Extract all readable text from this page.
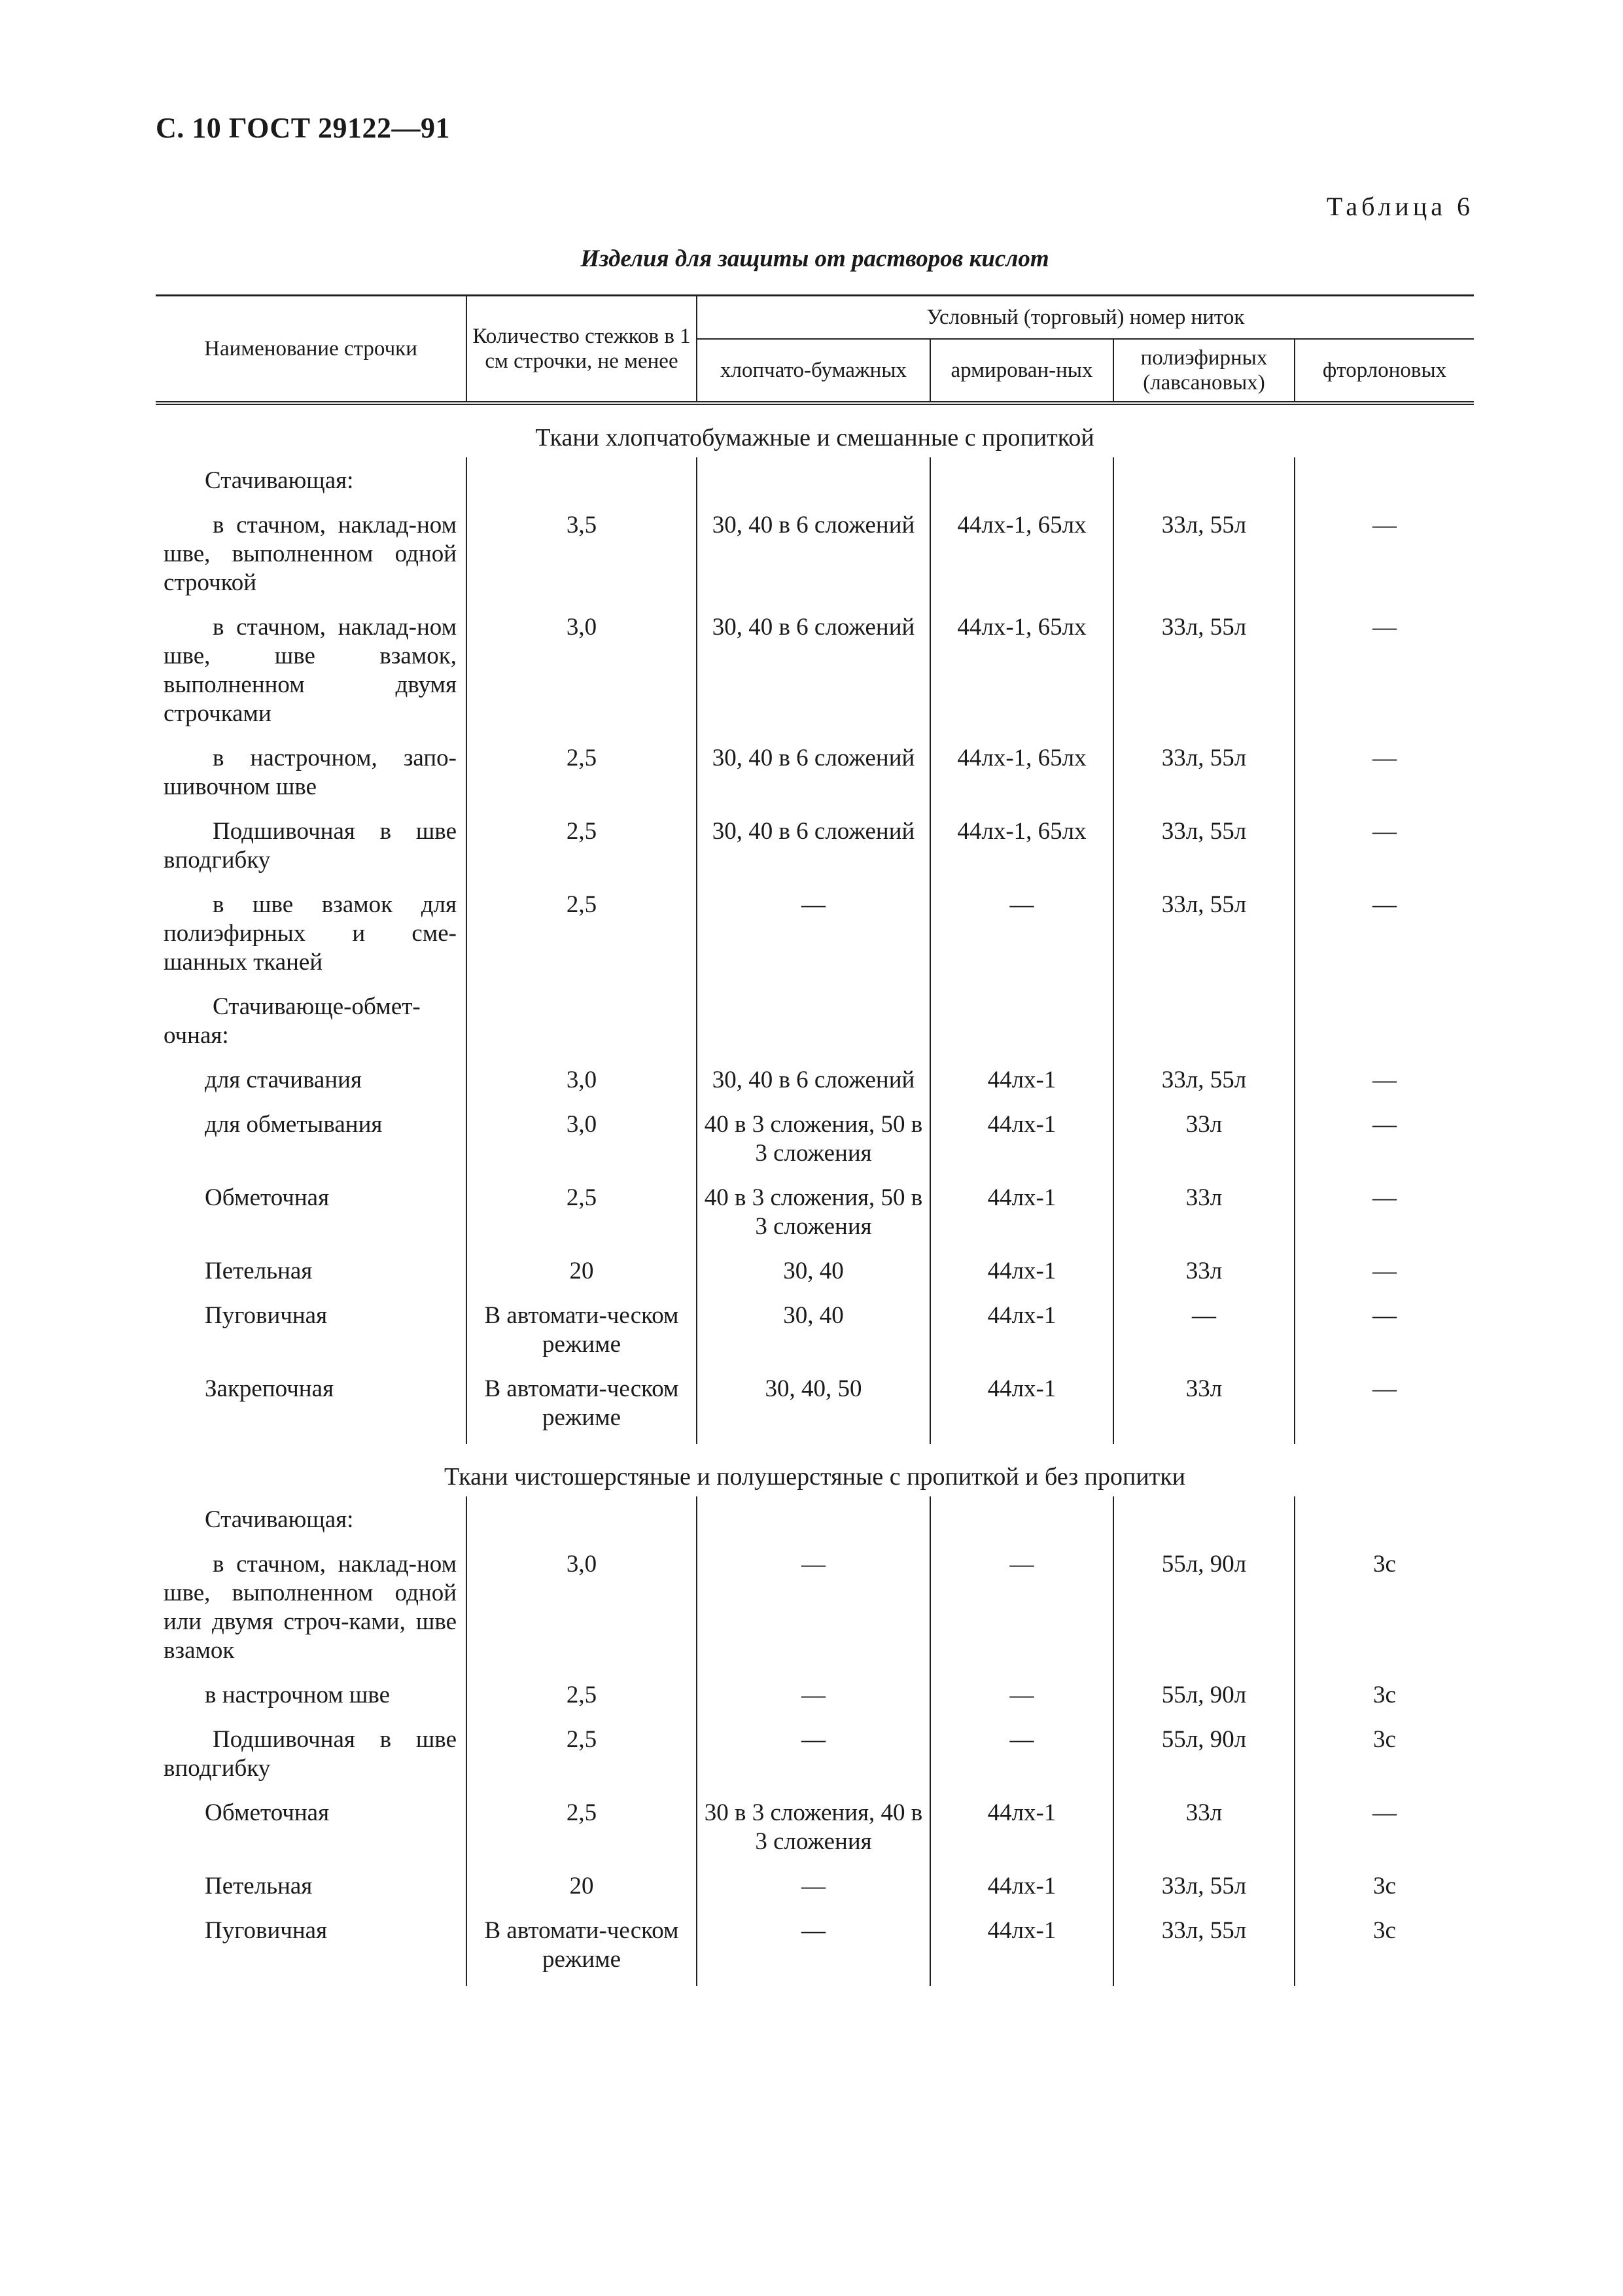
С. 10 ГОСТ 29122—91
Таблица 6
Изделия для защиты от растворов кислот
Наименование строчки	Количество стежков в 1 см строчки, не менее	Условный (торговый) номер ниток			
		хлопчато-бумажных	армирован-ных	полиэфирных (лавсановых)	фторлоновых
Ткани хлопчатобумажные и смешанные с пропиткой					
Стачивающая:					
в стачном, наклад-ном шве, выполненном одной строчкой	3,5	30, 40 в 6 сложений	44лх-1, 65лх	33л, 55л	—
в стачном, наклад-ном шве, шве взамок, выполненном двумя строчками	3,0	30, 40 в 6 сложений	44лх-1, 65лх	33л, 55л	—
в настрочном, запо-шивочном шве	2,5	30, 40 в 6 сложений	44лх-1, 65лх	33л, 55л	—
Подшивочная в шве вподгибку	2,5	30, 40 в 6 сложений	44лх-1, 65лх	33л, 55л	—
в шве взамок для полиэфирных и сме-шанных тканей	2,5	—	—	33л, 55л	—
Стачивающе-обмет-очная:					
для стачивания	3,0	30, 40 в 6 сложений	44лх-1	33л, 55л	—
для обметывания	3,0	40 в 3 сложения, 50 в 3 сложения	44лх-1	33л	—
Обметочная	2,5	40 в 3 сложения, 50 в 3 сложения	44лх-1	33л	—
Петельная	20	30, 40	44лх-1	33л	—
Пуговичная	В автомати-ческом режиме	30, 40	44лх-1	—	—
Закрепочная	В автомати-ческом режиме	30, 40, 50	44лх-1	33л	—

Ткани чистошерстяные и полушерстяные с пропиткой и без пропитки					
Стачивающая:					
в стачном, наклад-ном шве, выполненном одной или двумя строч-ками, шве взамок	3,0	—	—	55л, 90л	3с
в настрочном шве	2,5	—	—	55л, 90л	3с
Подшивочная в шве вподгибку	2,5	—	—	55л, 90л	3с
Обметочная	2,5	30 в 3 сложения, 40 в 3 сложения	44лх-1	33л	—
Петельная	20	—	44лх-1	33л, 55л	3с
Пуговичная	В автомати-ческом режиме	—	44лх-1	33л, 55л	3с
